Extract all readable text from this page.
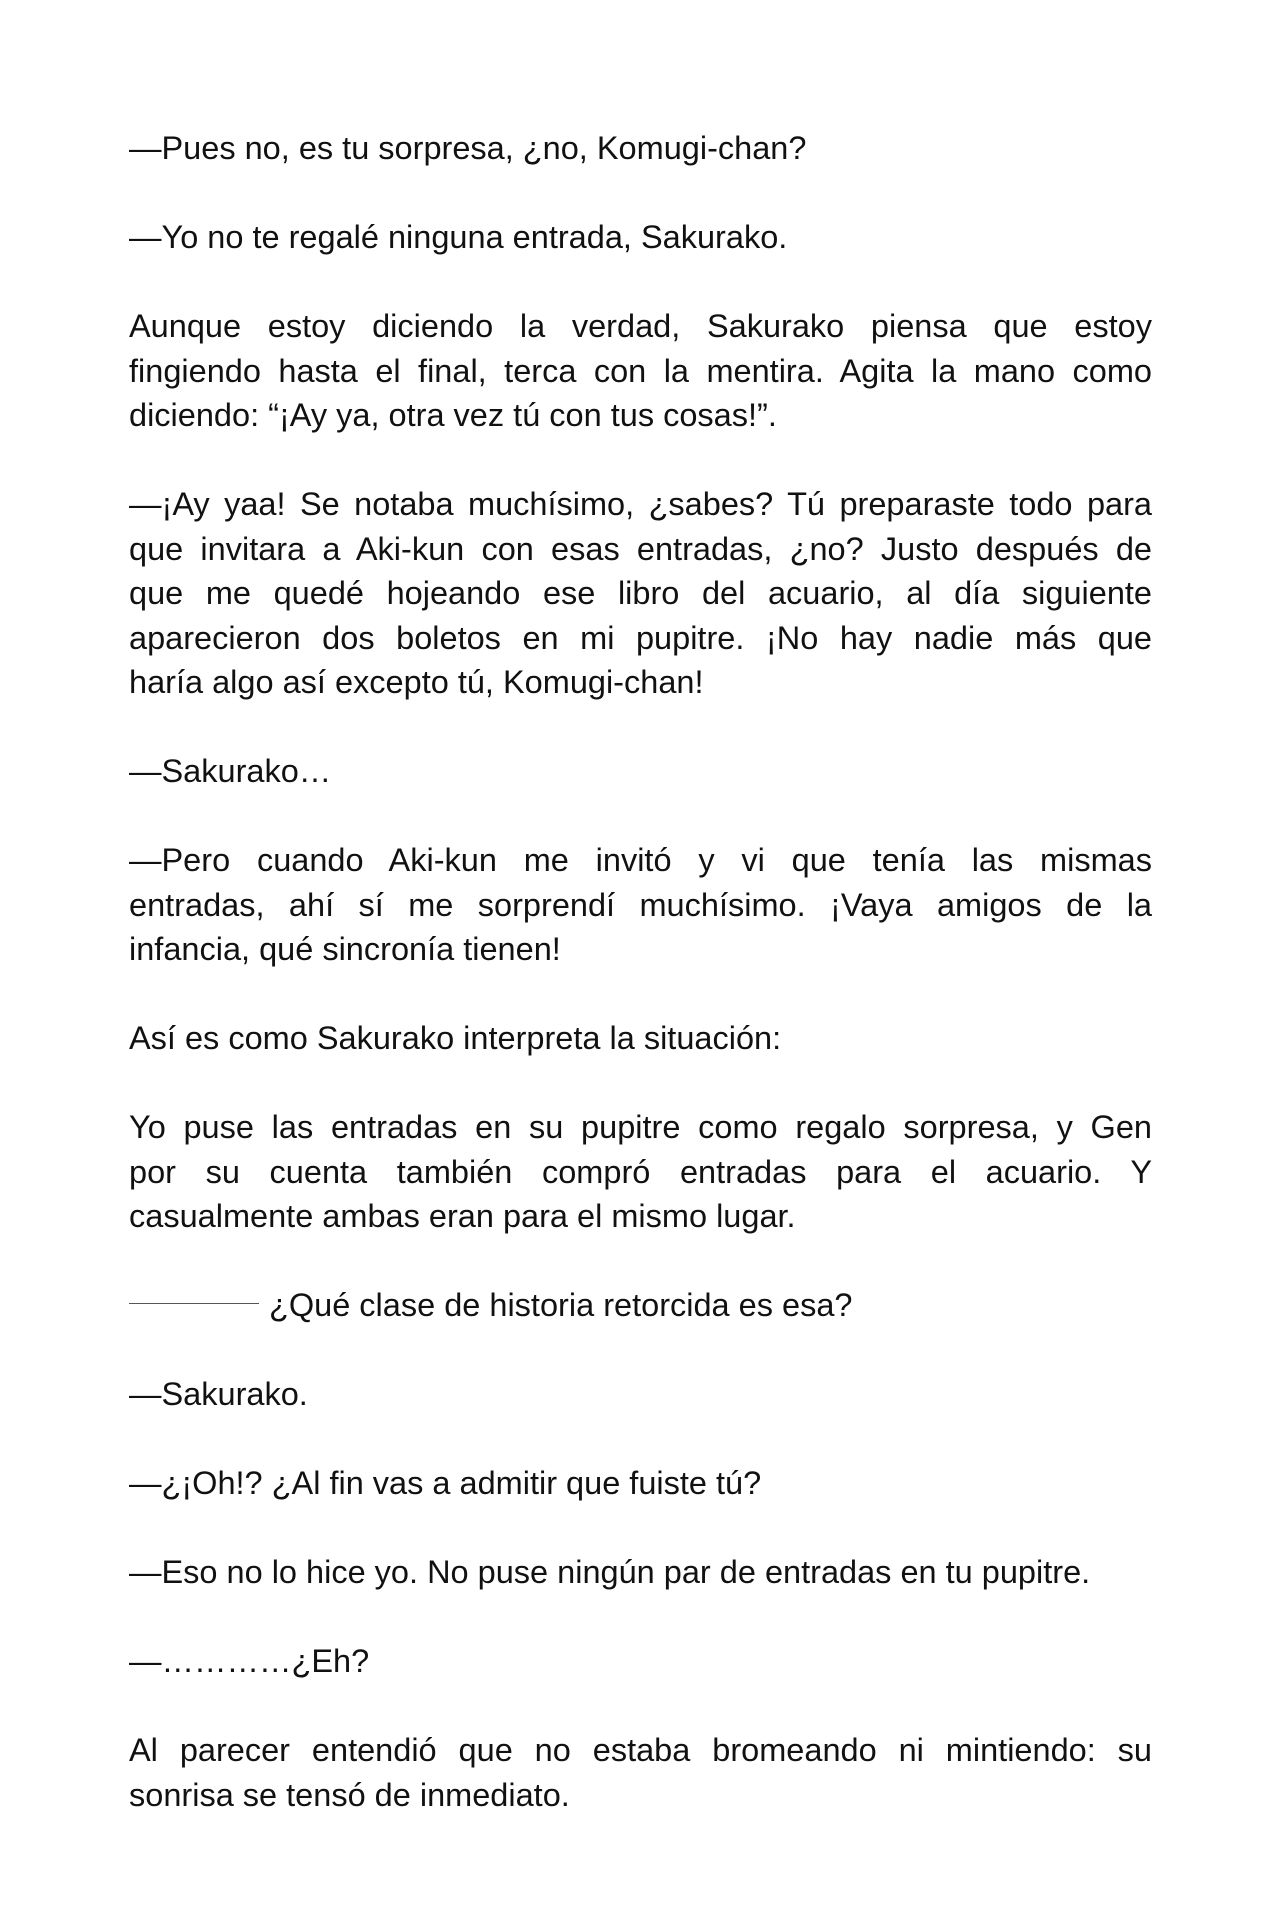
—Pues no, es tu sorpresa, ¿no, Komugi-chan?

—Yo no te regalé ninguna entrada, Sakurako.

Aunque estoy diciendo la verdad, Sakurako piensa que estoy
fingiendo hasta el final, terca con la mentira. Agita la mano como
diciendo: “¡Ay ya, otra vez tú con tus cosas!”.

—¡Ay yaa! Se notaba muchísimo, ¿sabes? Tú preparaste todo para
que invitara a Aki-kun con esas entradas, ¿no? Justo después de
que me quedé hojeando ese libro del acuario, al día siguiente
aparecieron dos boletos en mi pupitre. ¡No hay nadie más que
haría algo así excepto tú, Komugi-chan!

—Sakurako…

—Pero cuando Aki-kun me invitó y vi que tenía las mismas
entradas, ahí sí me sorprendí muchísimo. ¡Vaya amigos de la
infancia, qué sincronía tienen!

Así es como Sakurako interpreta la situación:

Yo puse las entradas en su pupitre como regalo sorpresa, y Gen
por su cuenta también compró entradas para el acuario. Y
casualmente ambas eran para el mismo lugar.

¿Qué clase de historia retorcida es esa?

—Sakurako.

—¿¡Oh!? ¿Al fin vas a admitir que fuiste tú?

—Eso no lo hice yo. No puse ningún par de entradas en tu pupitre.

—…………¿Eh?

Al parecer entendió que no estaba bromeando ni mintiendo: su
sonrisa se tensó de inmediato.
